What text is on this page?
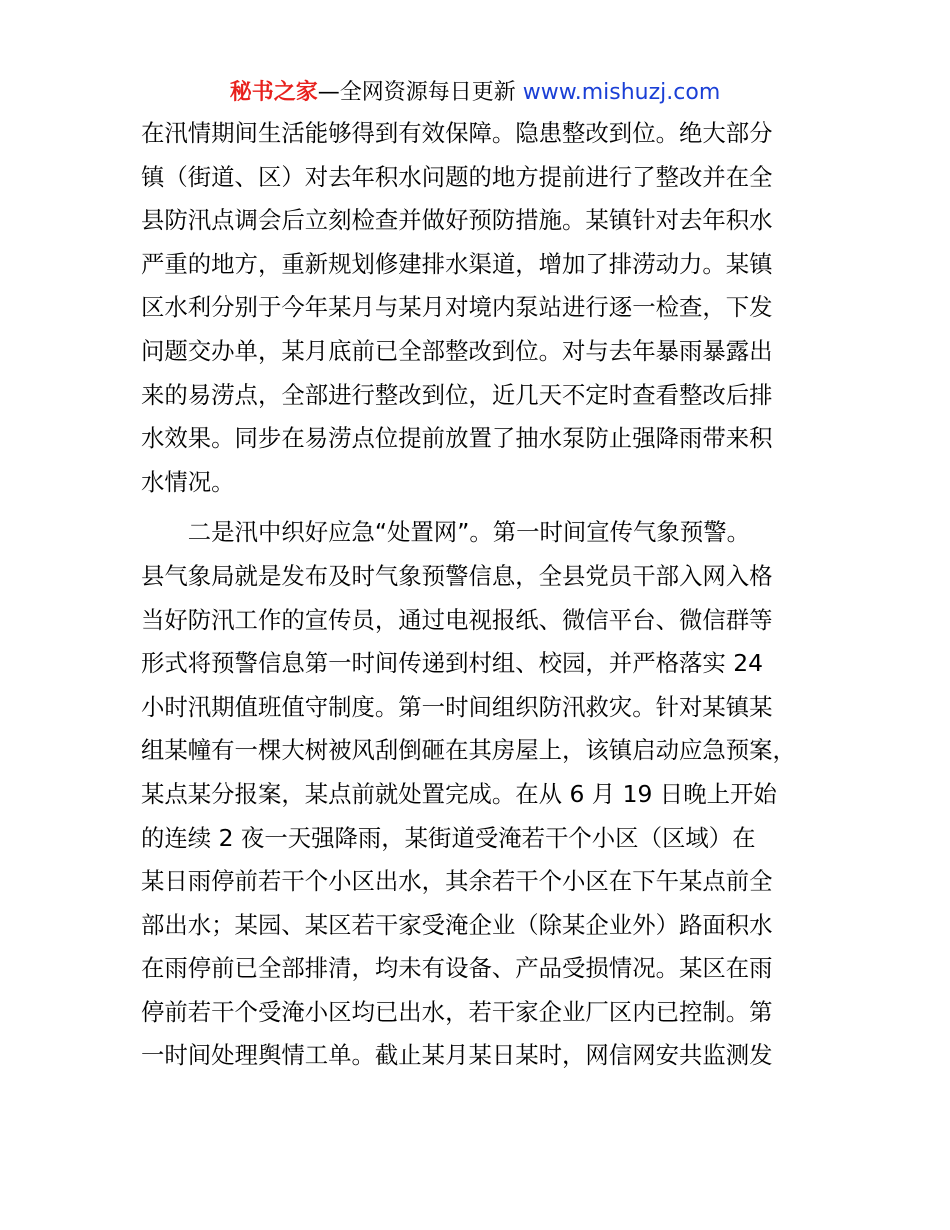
秘书之家—全网资源每日更新 www.mishuzj.com
在汛情期间生活能够得到有效保障。隐患整改到位。绝大部分
镇（街道、区）对去年积水问题的地方提前进行了整改并在全
县防汛点调会后立刻检查并做好预防措施。某镇针对去年积水
严重的地方，重新规划修建排水渠道，增加了排涝动力。某镇
区水利分别于今年某月与某月对境内泵站进行逐一检查，下发
问题交办单，某月底前已全部整改到位。对与去年暴雨暴露出
来的易涝点，全部进行整改到位，近几天不定时查看整改后排
水效果。同步在易涝点位提前放置了抽水泵防止强降雨带来积
水情况。
　　二是汛中织好应急“处置网”。第一时间宣传气象预警。
县气象局就是发布及时气象预警信息，全县党员干部入网入格
当好防汛工作的宣传员，通过电视报纸、微信平台、微信群等
形式将预警信息第一时间传递到村组、校园，并严格落实 24
小时汛期值班值守制度。第一时间组织防汛救灾。针对某镇某
组某幢有一棵大树被风刮倒砸在其房屋上，该镇启动应急预案，
某点某分报案，某点前就处置完成。在从 6 月 19 日晚上开始
的连续 2 夜一天强降雨，某街道受淹若干个小区（区域）在
某日雨停前若干个小区出水，其余若干个小区在下午某点前全
部出水；某园、某区若干家受淹企业（除某企业外）路面积水
在雨停前已全部排清，均未有设备、产品受损情况。某区在雨
停前若干个受淹小区均已出水，若干家企业厂区内已控制。第
一时间处理舆情工单。截止某月某日某时，网信网安共监测发
